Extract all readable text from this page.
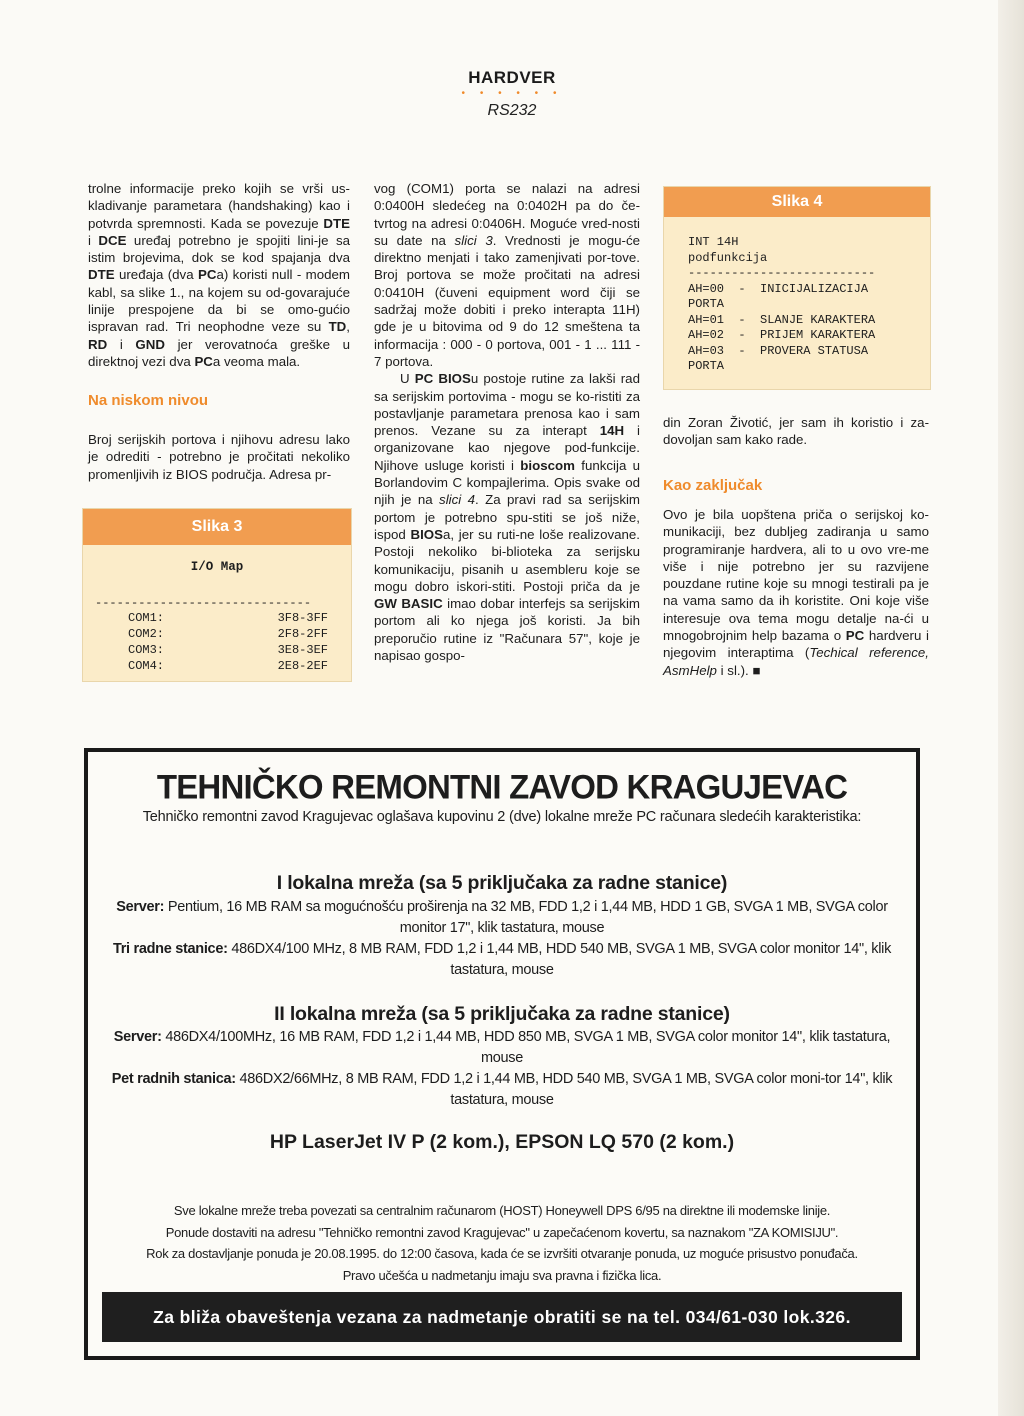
HARDVER
• • • • • •
RS232

trolne informacije preko kojih se vrši us-kladivanje parametara (handshaking) kao i potvrda spremnosti. Kada se povezuje DTE i DCE uređaj potrebno je spojiti lini-je sa istim brojevima, dok se kod spajanja dva DTE uređaja (dva PCa) koristi null - modem kabl, sa slike 1., na kojem su od-govarajuće linije prespojene da bi se omo-gućio ispravan rad. Tri neophodne veze su TD, RD i GND jer verovatnoća greške u direktnoj vezi dva PCa veoma mala.

Na niskom nivou

Broj serijskih portova i njihovu adresu lako je odrediti - potrebno je pročitati nekoliko promenljivih iz BIOS područja. Adresa pr-

Slika 3
I/O Map
------------------------------
COM1:	3F8-3FF
COM2:	2F8-2FF
COM3:	3E8-3EF
COM4:	2E8-2EF

vog (COM1) porta se nalazi na adresi 0:0400H sledećeg na 0:0402H pa do če-tvrtog na adresi 0:0406H. Moguće vred-nosti su date na slici 3. Vrednosti je mogu-će direktno menjati i tako zamenjivati por-tove. Broj portova se može pročitati na adresi 0:0410H (čuveni equipment word čiji se sadržaj može dobiti i preko interapta 11H) gde je u bitovima od 9 do 12 smeštena ta informacija : 000 - 0 portova, 001 - 1 ... 111 - 7 portova.

U PC BIOSu postoje rutine za lakši rad sa serijskim portovima - mogu se ko-ristiti za postavljanje parametara prenosa kao i sam prenos. Vezane su za interapt 14H i organizovane kao njegove pod-funkcije. Njihove usluge koristi i bioscom funkcija u Borlandovim C kompajlerima. Opis svake od njih je na slici 4. Za pravi rad sa serijskim portom je potrebno spu-stiti se još niže, ispod BIOSa, jer su ruti-ne loše realizovane. Postoji nekoliko bi-blioteka za serijsku komunikaciju, pisanih u asembleru koje se mogu dobro iskori-stiti. Postoji priča da je GW BASIC imao dobar interfejs sa serijskim portom ali ko njega još koristi. Ja bih preporučio rutine iz "Računara 57", koje je napisao gospo-

Slika 4
INT 14H
podfunkcija
--------------------------
AH=00  -  INICIJALIZACIJA
PORTA
AH=01  -  SLANJE KARAKTERA
AH=02  -  PRIJEM KARAKTERA
AH=03  -  PROVERA STATUSA
PORTA

din Zoran Životić, jer sam ih koristio i za-dovoljan sam kako rade.

Kao zaključak

Ovo je bila uopštena priča o serijskoj ko-munikaciji, bez dubljeg zadiranja u samo programiranje hardvera, ali to u ovo vre-me više i nije potrebno jer su razvijene pouzdane rutine koje su mnogi testirali pa je na vama samo da ih koristite. Oni koje više interesuje ova tema mogu detalje na-ći u mnogobrojnim help bazama o PC hardveru i njegovim interaptima (Techical reference, AsmHelp i sl.). ■

TEHNIČKO REMONTNI ZAVOD KRAGUJEVAC
Tehničko remontni zavod Kragujevac oglašava kupovinu 2 (dve) lokalne mreže PC računara sledećih karakteristika:
I lokalna mreža (sa 5 priključaka za radne stanice)
Server: Pentium, 16 MB RAM sa mogućnošću proširenja na 32 MB, FDD 1,2 i 1,44 MB, HDD 1 GB, SVGA 1 MB, SVGA color monitor 17", klik tastatura, mouse
Tri radne stanice: 486DX4/100 MHz, 8 MB RAM, FDD 1,2 i 1,44 MB, HDD 540 MB, SVGA 1 MB, SVGA color monitor 14", klik tastatura, mouse
II lokalna mreža (sa 5 priključaka za radne stanice)
Server: 486DX4/100MHz, 16 MB RAM, FDD 1,2 i 1,44 MB, HDD 850 MB, SVGA 1 MB, SVGA color monitor 14", klik tastatura, mouse
Pet radnih stanica: 486DX2/66MHz, 8 MB RAM, FDD 1,2 i 1,44 MB, HDD 540 MB, SVGA 1 MB, SVGA color moni-tor 14", klik tastatura, mouse
HP LaserJet IV P (2 kom.), EPSON LQ 570 (2 kom.)
Sve lokalne mreže treba povezati sa centralnim računarom (HOST) Honeywell DPS 6/95 na direktne ili modemske linije.
Ponude dostaviti na adresu "Tehničko remontni zavod Kragujevac" u zapečaćenom kovertu, sa naznakom "ZA KOMISIJU".
Rok za dostavljanje ponuda je 20.08.1995. do 12:00 časova, kada će se izvršiti otvaranje ponuda, uz moguće prisustvo ponuđača.
Pravo učešća u nadmetanju imaju sva pravna i fizička lica.
Za bliža obaveštenja vezana za nadmetanje obratiti se na tel. 034/61-030 lok.326.
